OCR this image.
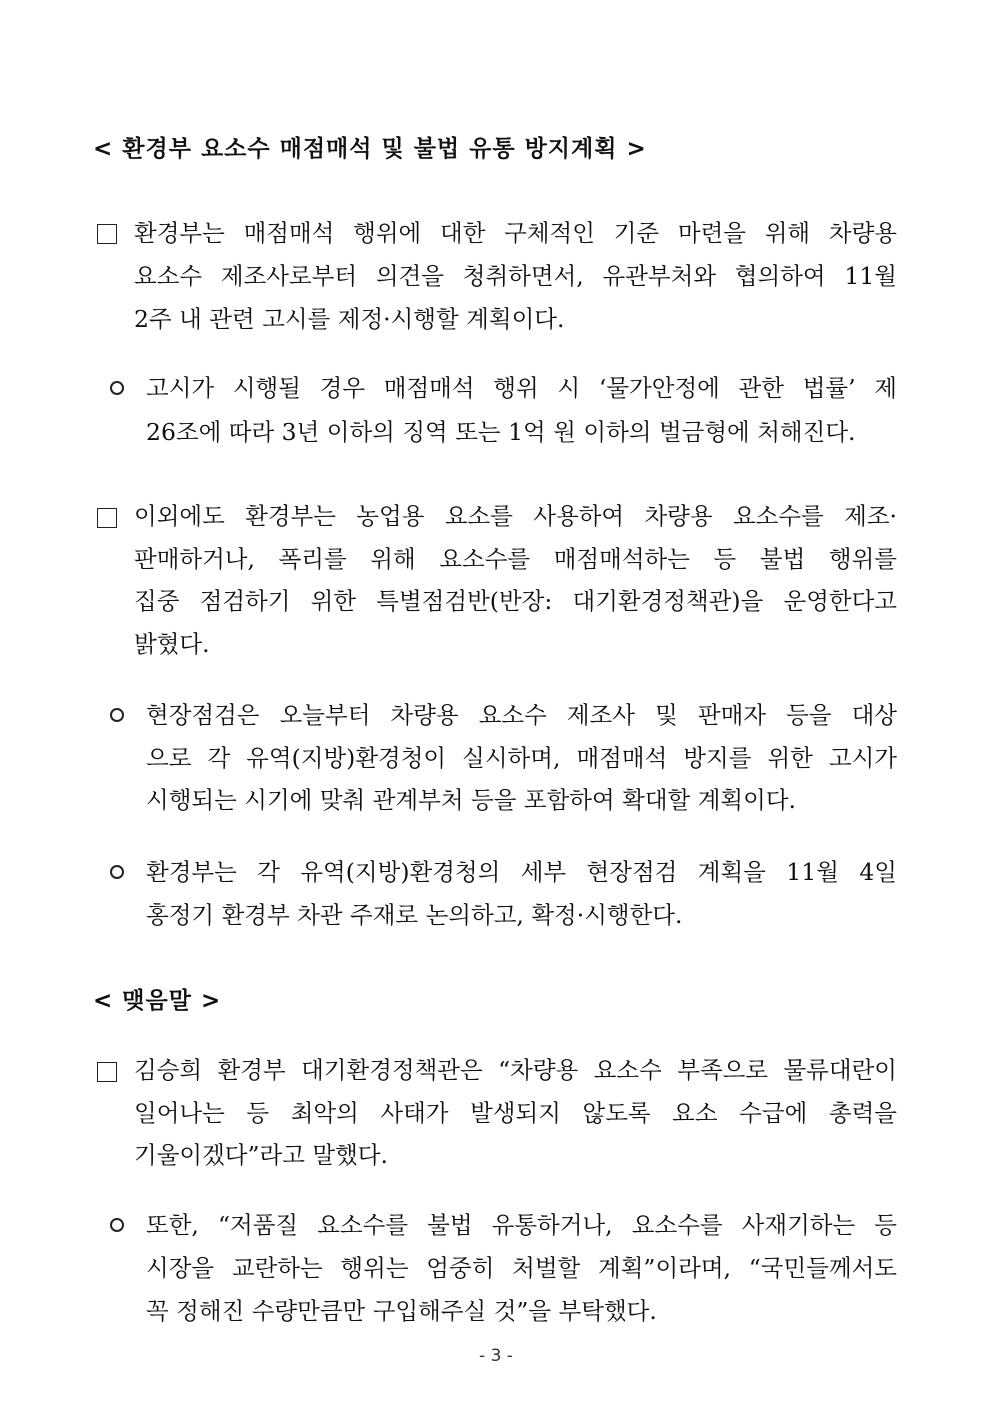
< 환경부 요소수 매점매석 및 불법 유통 방지계획 >
환경부는 매점매석 행위에 대한 구체적인 기준 마련을 위해 차량용
요소수 제조사로부터 의견을 청취하면서, 유관부처와 협의하여 11월
2주 내 관련 고시를 제정·시행할 계획이다.
고시가 시행될 경우 매점매석 행위 시 ‘물가안정에 관한 법률’ 제
26조에 따라 3년 이하의 징역 또는 1억 원 이하의 벌금형에 처해진다.
이외에도 환경부는 농업용 요소를 사용하여 차량용 요소수를 제조·
판매하거나, 폭리를 위해 요소수를 매점매석하는 등 불법 행위를
집중 점검하기 위한 특별점검반(반장: 대기환경정책관)을 운영한다고
밝혔다.
현장점검은 오늘부터 차량용 요소수 제조사 및 판매자 등을 대상
으로 각 유역(지방)환경청이 실시하며, 매점매석 방지를 위한 고시가
시행되는 시기에 맞춰 관계부처 등을 포함하여 확대할 계획이다.
환경부는 각 유역(지방)환경청의 세부 현장점검 계획을 11월 4일
홍정기 환경부 차관 주재로 논의하고, 확정·시행한다.
< 맺음말 >
김승희 환경부 대기환경정책관은 “차량용 요소수 부족으로 물류대란이
일어나는 등 최악의 사태가 발생되지 않도록 요소 수급에 총력을
기울이겠다”라고 말했다.
또한, “저품질 요소수를 불법 유통하거나, 요소수를 사재기하는 등
시장을 교란하는 행위는 엄중히 처벌할 계획”이라며, “국민들께서도
꼭 정해진 수량만큼만 구입해주실 것”을 부탁했다.
- 3 -
